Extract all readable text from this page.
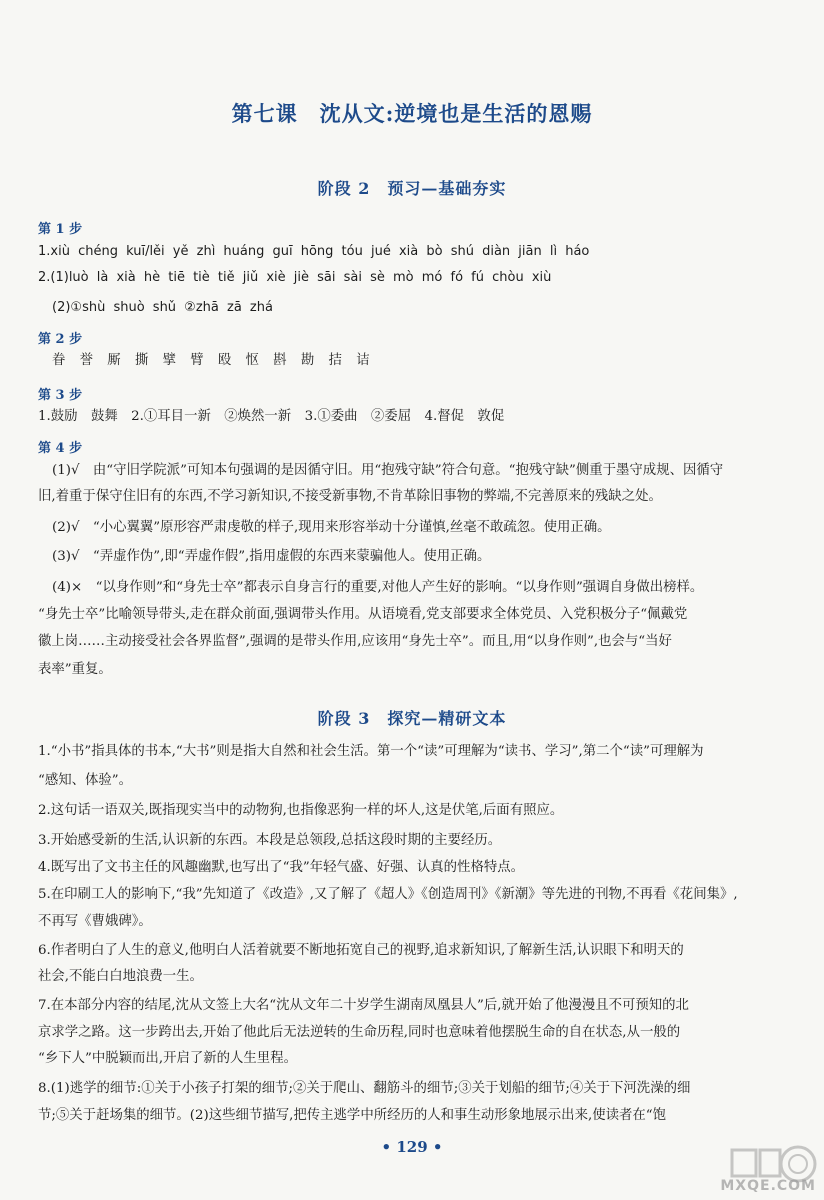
第七课　沈从文:逆境也是生活的恩赐
阶段 2　预习—基础夯实
第 1 步
1.xiù chéng kuī/lěi yě zhì huáng guī hōng tóu jué xià bò shú diàn jiān lì háo
2.(1)luò là xià hè tiē tiè tiě jiǔ xiè jiè sāi sài sè mò mó fó fú chòu xiù
(2)①shù shuò shǔ ②zhā zā zhá
第 2 步
眷 誉 厮 撕 擘 臂 殴 怄 斟 勘 拮 诘
第 3 步
1.鼓励　鼓舞　2.①耳目一新　②焕然一新　3.①委曲　②委屈　4.督促　敦促
第 4 步
(1)√　由“守旧学院派”可知本句强调的是因循守旧。用“抱残守缺”符合句意。“抱残守缺”侧重于墨守成规、因循守
旧,着重于保守住旧有的东西,不学习新知识,不接受新事物,不肯革除旧事物的弊端,不完善原来的残缺之处。
(2)√　“小心翼翼”原形容严肃虔敬的样子,现用来形容举动十分谨慎,丝毫不敢疏忽。使用正确。
(3)√　“弄虚作伪”,即“弄虚作假”,指用虚假的东西来蒙骗他人。使用正确。
(4)×　“以身作则”和“身先士卒”都表示自身言行的重要,对他人产生好的影响。“以身作则”强调自身做出榜样。
“身先士卒”比喻领导带头,走在群众前面,强调带头作用。从语境看,党支部要求全体党员、入党积极分子“佩戴党
徽上岗……主动接受社会各界监督”,强调的是带头作用,应该用“身先士卒”。而且,用“以身作则”,也会与“当好
表率”重复。
阶段 3　探究—精研文本
1.“小书”指具体的书本,“大书”则是指大自然和社会生活。第一个“读”可理解为“读书、学习”,第二个“读”可理解为
“感知、体验”。
2.这句话一语双关,既指现实当中的动物狗,也指像恶狗一样的坏人,这是伏笔,后面有照应。
3.开始感受新的生活,认识新的东西。本段是总领段,总括这段时期的主要经历。
4.既写出了文书主任的风趣幽默,也写出了“我”年轻气盛、好强、认真的性格特点。
5.在印刷工人的影响下,“我”先知道了《改造》,又了解了《超人》《创造周刊》《新潮》等先进的刊物,不再看《花间集》,
不再写《曹娥碑》。
6.作者明白了人生的意义,他明白人活着就要不断地拓宽自己的视野,追求新知识,了解新生活,认识眼下和明天的
社会,不能白白地浪费一生。
7.在本部分内容的结尾,沈从文签上大名“沈从文年二十岁学生湖南凤凰县人”后,就开始了他漫漫且不可预知的北
京求学之路。这一步跨出去,开始了他此后无法逆转的生命历程,同时也意味着他摆脱生命的自在状态,从一般的
“乡下人”中脱颖而出,开启了新的人生里程。
8.(1)逃学的细节:①关于小孩子打架的细节;②关于爬山、翻筋斗的细节;③关于划船的细节;④关于下河洗澡的细
节;⑤关于赶场集的细节。(2)这些细节描写,把传主逃学中所经历的人和事生动形象地展示出来,使读者在“饱
• 129 •
MXQE.COM
